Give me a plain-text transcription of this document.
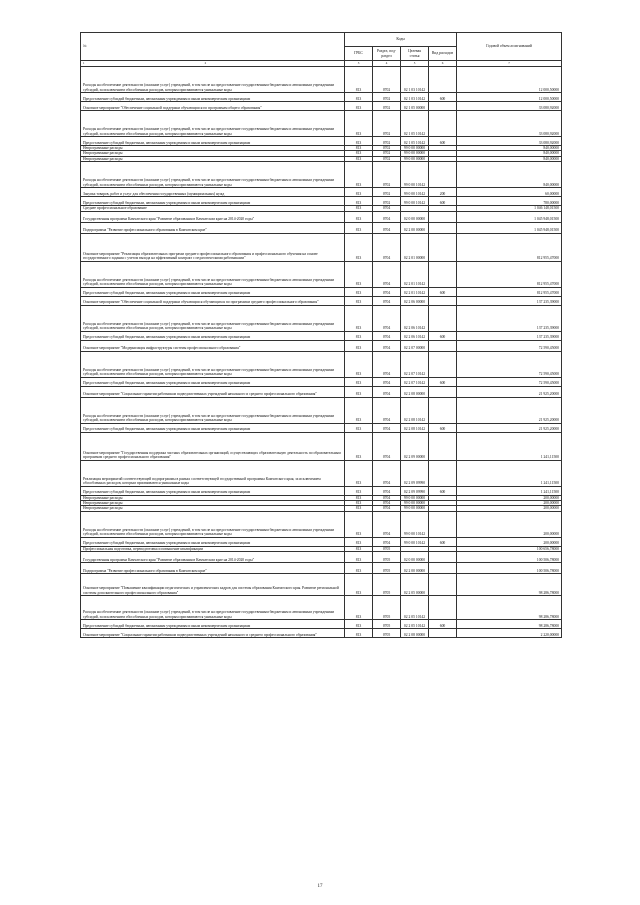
№	Коды				Годовой объем ассигнований
	ГРБС	Раздел, под-раздел	Целевая статья	Вид расходов	
1 2	3	4	5	6	7
Расходы на обеспечение деятельности (оказание услуг) учреждений, в том числе на предоставление государственным бюджетным и автономным учреждениям субсидий, за исключением обособленных расходов, которым присваиваются уникальные коды	813	0702	02 1 03 10142		12 000,50000
Предоставление субсидий бюджетным, автономным учреждениям и иным некоммерческим организациям	813	0702	02 1 03 10142	600	12 000,50000
Основное мероприятие "Обеспечение социальной поддержки обучающихся по программам общего образования"	813	0702	02 1 05 00000		33 080,92000
Расходы на обеспечение деятельности (оказание услуг) учреждений, в том числе на предоставление государственным бюджетным и автономным учреждениям субсидий, за исключением обособленных расходов, которым присваиваются уникальные коды	813	0702	02 1 05 10142		33 080,92000
Предоставление субсидий бюджетным, автономным учреждениям и иным некоммерческим организациям	813	0702	02 1 05 10142	600	33 080,92000
Непрограммные расходы	813	0702	99 0 00 00000		840,00000
Непрограммные расходы	813	0702	99 0 00 00000		840,00000
Непрограммные расходы	813	0702	99 0 00 00000		840,00000
Расходы на обеспечение деятельности (оказание услуг) учреждений, в том числе на предоставление государственным бюджетным и автономным учреждениям субсидий, за исключением обособленных расходов, которым присваиваются уникальные коды	813	0702	99 0 00 10142		840,00000
Закупка товаров, работ и услуг для обеспечения государственных (муниципальных) нужд	813	0702	99 0 00 10142	200	60,00000
Предоставление субсидий бюджетным, автономным учреждениям и иным некоммерческим организациям	813	0702	99 0 00 10142	600	780,00000
Среднее профессиональное образование	813	0704			1 046 148,01500
Государственная программа Камчатского края "Развитие образования в Камчатском крае на 2014-2020 годы"	813	0704	02 0 00 00000		1 045 948,01500
Подпрограмма "Развитие профессионального образования в Камчатском крае"	813	0704	02 2 00 00000		1 045 948,01500
Основное мероприятие "Реализация образовательных программ среднего профессионального образования и профессионального обучения на основе государственного задания с учетом выхода на эффективный контракт с педагогическими работниками"	813	0704	02 2 01 00000		812 955,47000
Расходы на обеспечение деятельности (оказание услуг) учреждений, в том числе на предоставление государственным бюджетным и автономным учреждениям субсидий, за исключением обособленных расходов, которым присваиваются уникальные коды	813	0704	02 2 01 10142		812 955,47000
Предоставление субсидий бюджетным, автономным учреждениям и иным некоммерческим организациям	813	0704	02 2 01 10142	600	812 955,47000
Основное мероприятие "Обеспечение социальной поддержки обучающихся обучающихся по программам среднего профессионального образования"	813	0704	02 2 06 00000		137 235,39000
Расходы на обеспечение деятельности (оказание услуг) учреждений, в том числе на предоставление государственным бюджетным и автономным учреждениям субсидий, за исключением обособленных расходов, которым присваиваются уникальные коды	813	0704	02 2 06 10142		137 235,39000
Предоставление субсидий бюджетным, автономным учреждениям и иным некоммерческим организациям	813	0704	02 2 06 10142	600	137 235,39000
Основное мероприятие "Модернизация инфраструктуры системы профессионального образования"	813	0704	02 2 07 00000		72 590,45000
Расходы на обеспечение деятельности (оказание услуг) учреждений, в том числе на предоставление государственным бюджетным и автономным учреждениям субсидий, за исключением обособленных расходов, которым присваиваются уникальные коды	813	0704	02 2 07 10142		72 590,45000
Предоставление субсидий бюджетным, автономным учреждениям и иным некоммерческим организациям	813	0704	02 2 07 10142	600	72 590,45000
Основное мероприятие "Социальные гарантии работникам подведомственных учреждений начального и среднего профессионального образования"	813	0704	02 2 08 00000		21 925,20000
Расходы на обеспечение деятельности (оказание услуг) учреждений, в том числе на предоставление государственным бюджетным и автономным учреждениям субсидий, за исключением обособленных расходов, которым присваиваются уникальные коды	813	0704	02 2 08 10142		21 925,20000
Предоставление субсидий бюджетным, автономным учреждениям и иным некоммерческим организациям	813	0704	02 2 08 10142	600	21 925,20000
Основное мероприятие "Государственная поддержка частных образовательных организаций, осуществляющих образовательную деятельность по образовательным программам среднего профессионального образования"	813	0704	02 2 09 00000		1 241,11500
Реализация мероприятий соответствующей подпрограммы в рамках соответствующей государственной программы Камчатского края, за исключением обособленных расходов, которым присваиваются уникальные коды	813	0704	02 2 09 09990		1 241,11500
Предоставление субсидий бюджетным, автономным учреждениям и иным некоммерческим организациям	813	0704	02 2 09 09990	600	1 241,11500
Непрограммные расходы	813	0704	99 0 00 00000		200,00000
Непрограммные расходы	813	0704	99 0 00 00000		200,00000
Непрограммные расходы	813	0704	99 0 00 00000		200,00000
Расходы на обеспечение деятельности (оказание услуг) учреждений, в том числе на предоставление государственным бюджетным и автономным учреждениям субсидий, за исключением обособленных расходов, которым присваиваются уникальные коды	813	0704	99 0 00 10142		200,00000
Предоставление субсидий бюджетным, автономным учреждениям и иным некоммерческим организациям	813	0704	99 0 00 10142	600	200,00000
Профессиональная подготовка, переподготовка и повышение квалификации	813	0705			100 656,78000
Государственная программа Камчатского края "Развитие образования в Камчатском крае на 2014-2020 годы"	813	0705	02 0 00 00000		100 506,78000
Подпрограмма "Развитие профессионального образования в Камчатском крае"	813	0705	02 2 00 00000		100 506,78000
Основное мероприятие "Повышение квалификации педагогических и управленческих кадров для системы образования Камчатского края. Развитие региональной системы дополнительного профессионального образования"	813	0705	02 2 05 00000		98 286,78000
Расходы на обеспечение деятельности (оказание услуг) учреждений, в том числе на предоставление государственным бюджетным и автономным учреждениям субсидий, за исключением обособленных расходов, которым присваиваются уникальные коды	813	0705	02 2 05 10142		98 286,78000
Предоставление субсидий бюджетным, автономным учреждениям и иным некоммерческим организациям	813	0705	02 2 05 10142	600	98 286,78000
Основное мероприятие "Социальные гарантии работникам подведомственных учреждений начального и среднего профессионального образования"	813	0705	02 2 08 00000		2 220,00000
17
